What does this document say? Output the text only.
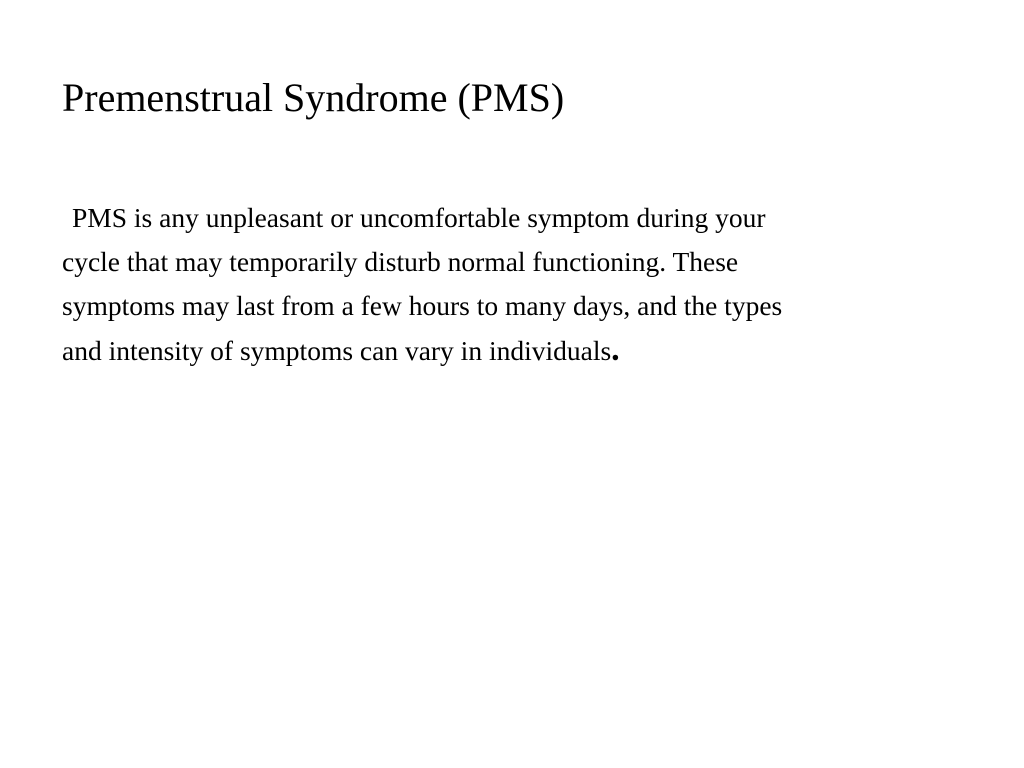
Premenstrual Syndrome (PMS)

PMS is any unpleasant or uncomfortable symptom during your
cycle that may temporarily disturb normal functioning. These
symptoms may last from a few hours to many days, and the types
and intensity of symptoms can vary in individuals.
